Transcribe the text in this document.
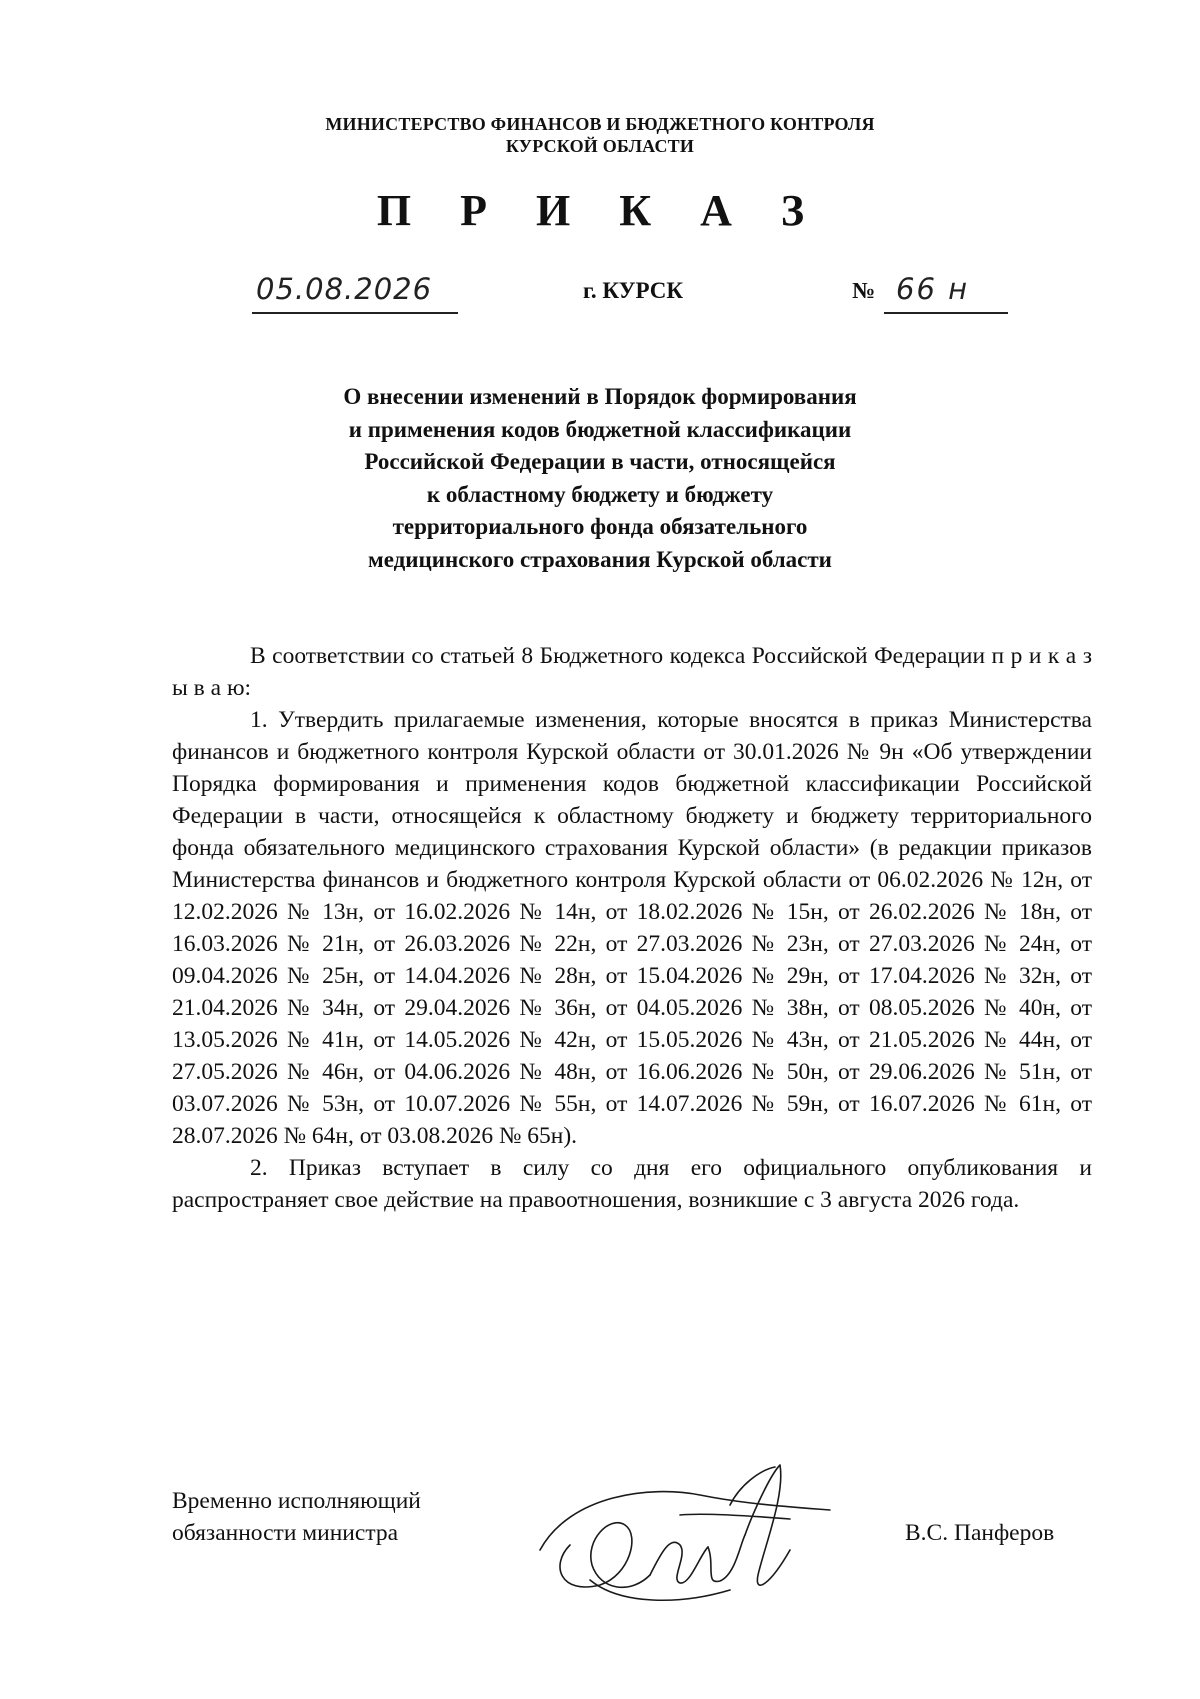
МИНИСТЕРСТВО ФИНАНСОВ И БЮДЖЕТНОГО КОНТРОЛЯ
КУРСКОЙ ОБЛАСТИ
П Р И К А З
05.08.2026	г. КУРСК	№ 66 н
О внесении изменений в Порядок формирования
и применения кодов бюджетной классификации
Российской Федерации в части, относящейся
к областному бюджету и бюджету
территориального фонда обязательного
медицинского страхования Курской области

В соответствии со статьей 8 Бюджетного кодекса Российской Федерации п р и к а з ы в а ю:

1. Утвердить прилагаемые изменения, которые вносятся в приказ Министерства финансов и бюджетного контроля Курской области от 30.01.2026 № 9н «Об утверждении Порядка формирования и применения кодов бюджетной классификации Российской Федерации в части, относящейся к областному бюджету и бюджету территориального фонда обязательного медицинского страхования Курской области» (в редакции приказов Министерства финансов и бюджетного контроля Курской области от 06.02.2026 № 12н, от 12.02.2026 № 13н, от 16.02.2026 № 14н, от 18.02.2026 № 15н, от 26.02.2026 № 18н, от 16.03.2026 № 21н, от 26.03.2026 № 22н, от 27.03.2026 № 23н, от 27.03.2026 № 24н, от 09.04.2026 № 25н, от 14.04.2026 № 28н, от 15.04.2026 № 29н, от 17.04.2026 № 32н, от 21.04.2026 № 34н, от 29.04.2026 № 36н, от 04.05.2026 № 38н, от 08.05.2026 № 40н, от 13.05.2026 № 41н, от 14.05.2026 № 42н, от 15.05.2026 № 43н, от 21.05.2026 № 44н, от 27.05.2026 № 46н, от 04.06.2026 № 48н, от 16.06.2026 № 50н, от 29.06.2026 № 51н, от 03.07.2026 № 53н, от 10.07.2026 № 55н, от 14.07.2026 № 59н, от 16.07.2026 № 61н, от 28.07.2026 № 64н, от 03.08.2026 № 65н).

2. Приказ вступает в силу со дня его официального опубликования и распространяет свое действие на правоотношения, возникшие с 3 августа 2026 года.

Временно исполняющий
обязанности министра	В.С. Панферов
